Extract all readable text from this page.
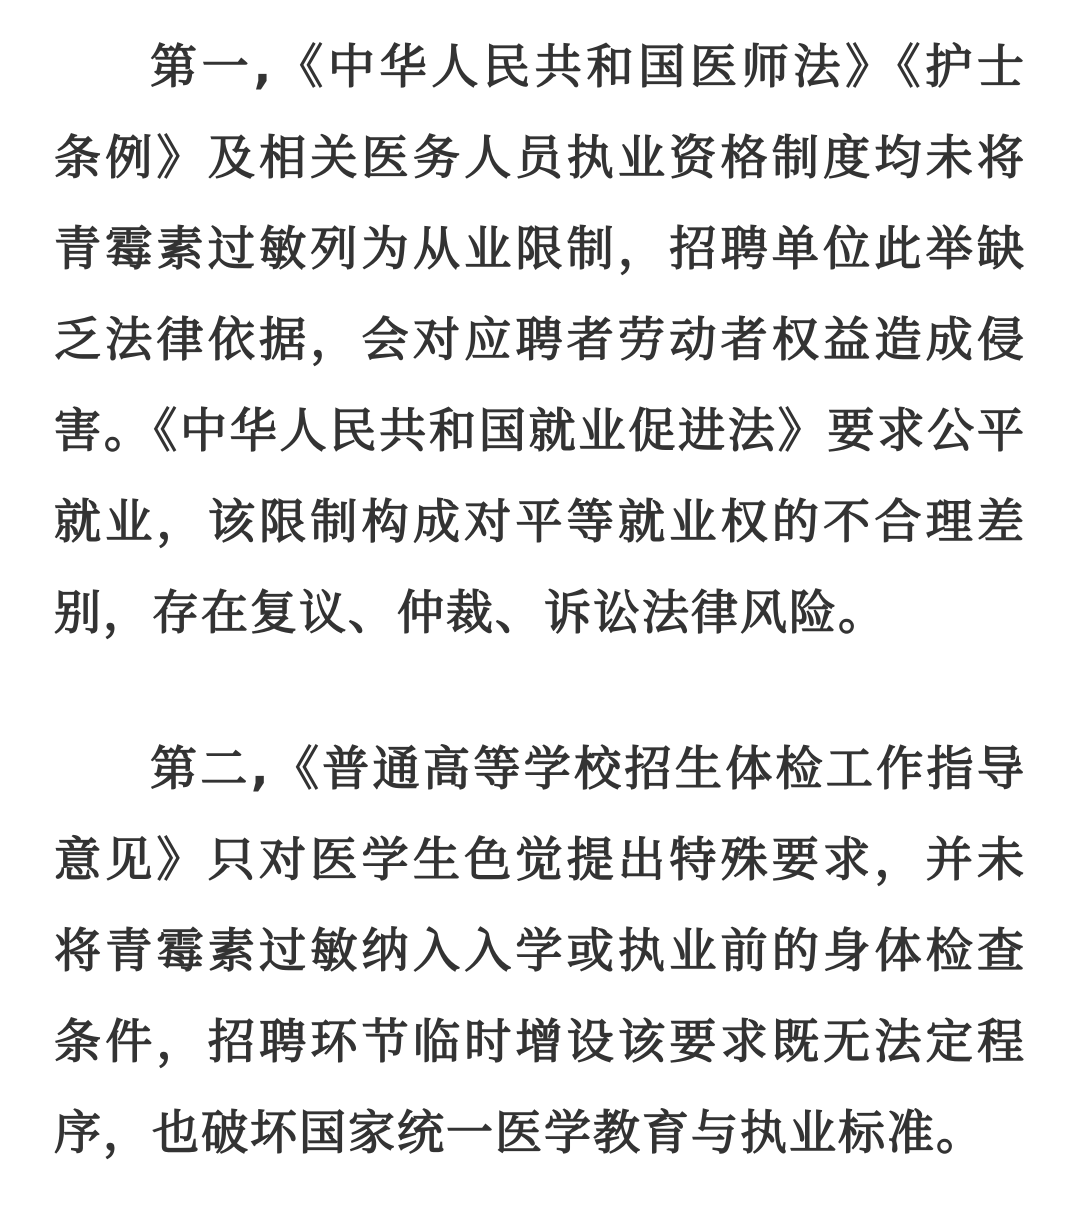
第一,《中华人民共和国医师法》《护士条例》及相关医务人员执业资格制度均未将青霉素过敏列为从业限制，招聘单位此举缺乏法律依据，会对应聘者劳动者权益造成侵害。《中华人民共和国就业促进法》要求公平就业，该限制构成对平等就业权的不合理差别，存在复议、仲裁、诉讼法律风险。

第二,《普通高等学校招生体检工作指导意见》只对医学生色觉提出特殊要求，并未将青霉素过敏纳入入学或执业前的身体检查条件，招聘环节临时增设该要求既无法定程序，也破坏国家统一医学教育与执业标准。
